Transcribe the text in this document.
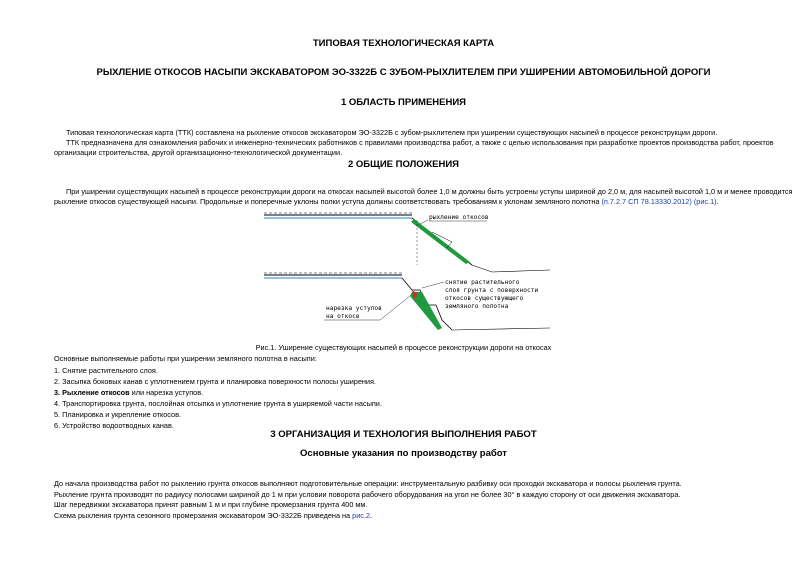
ТИПОВАЯ ТЕХНОЛОГИЧЕСКАЯ КАРТА
РЫХЛЕНИЕ ОТКОСОВ НАСЫПИ ЭКСКАВАТОРОМ ЭО-3322Б С ЗУБОМ-РЫХЛИТЕЛЕМ ПРИ УШИРЕНИИ АВТОМОБИЛЬНОЙ ДОРОГИ
1 ОБЛАСТЬ ПРИМЕНЕНИЯ
Типовая технологическая карта (ТТК) составлена на рыхление откосов экскаватором ЭО-3322Б с зубом-рыхлителем при уширении существующих насыпей в процессе реконструкции дороги.
ТТК предназначена для ознакомления рабочих и инженерно-технических работников с правилами производства работ, а также с целью использования при разработке проектов производства работ, проектов
организации строительства, другой организационно-технологической документации.
2 ОБЩИЕ ПОЛОЖЕНИЯ
При уширении существующих насыпей в процессе реконструкции дороги на откосах насыпей высотой более 1,0 м должны быть устроены уступы шириной до 2,0 м, для насыпей высотой 1,0 м и менее проводится
рыхление откосов существующей насыпи. Продольные и поперечные уклоны полки уступа должны соответствовать требованиям к уклонам земляного полотна (п.7.2.7 СП 78.13330.2012) (рис.1).
рыхление откосов
снятие растительного
слоя грунта с поверхности
откосов существующего
земляного полотна
нарезка уступов
на откосе
Рис.1. Уширение существующих насыпей в процессе реконструкции дороги на откосах
Основные выполняемые работы при уширении земляного полотна в насыпи:
1. Снятие растительного слоя.
2. Засыпка боковых канав с уплотнением грунта и планировка поверхности полосы уширения.
3. Рыхление откосов или нарезка уступов.
4. Транспортировка грунта, послойная отсыпка и уплотнение грунта в уширяемой части насыпи.
5. Планировка и укрепление откосов.
6. Устройство водоотводных канав.
3 ОРГАНИЗАЦИЯ И ТЕХНОЛОГИЯ ВЫПОЛНЕНИЯ РАБОТ
Основные указания по производству работ
До начала производства работ по рыхлению грунта откосов выполняют подготовительные операции: инструментальную разбивку оси проходки экскаватора и полосы рыхления грунта.
Рыхление грунта производят по радиусу полосами шириной до 1 м при условии поворота рабочего оборудования на угол не более 30° в каждую сторону от оси движения экскаватора.
Шаг передвижки экскаватора принят равным 1 м и при глубине промерзания грунта 400 мм.
Схема рыхления грунта сезонного промерзания экскаватором ЭО-3322Б приведена на рис.2.
